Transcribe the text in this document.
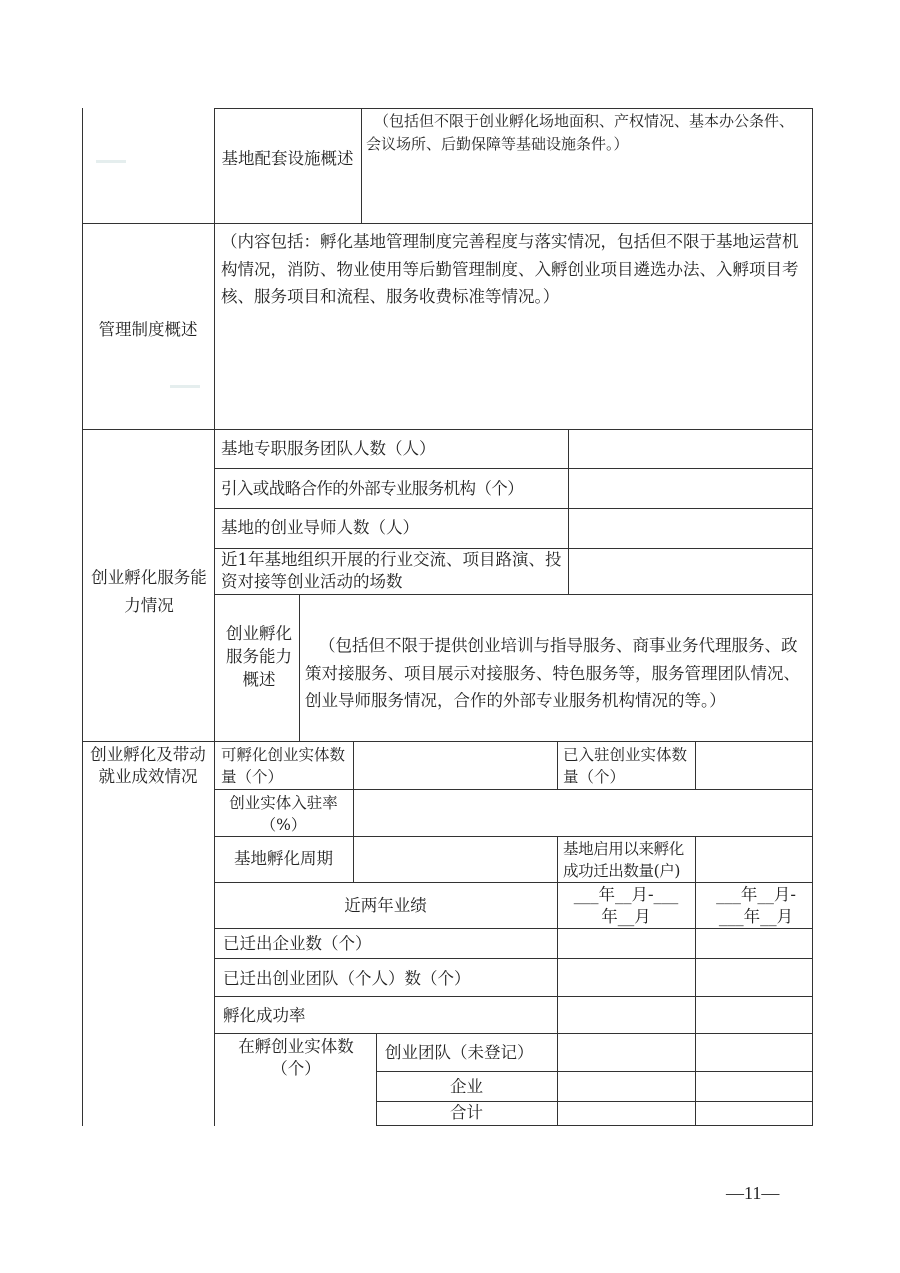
基地配套设施概述
（包括但不限于创业孵化场地面积、产权情况、基本办公条件、会议场所、后勤保障等基础设施条件。）
管理制度概述
（内容包括：孵化基地管理制度完善程度与落实情况，包括但不限于基地运营机构情况，消防、物业使用等后勤管理制度、入孵创业项目遴选办法、入孵项目考核、服务项目和流程、服务收费标准等情况。）
创业孵化服务能力情况
基地专职服务团队人数（人）
引入或战略合作的外部专业服务机构（个）
基地的创业导师人数（人）
近1年基地组织开展的行业交流、项目路演、投资对接等创业活动的场数
创业孵化服务能力概述
（包括但不限于提供创业培训与指导服务、商事业务代理服务、政策对接服务、项目展示对接服务、特色服务等，服务管理团队情况、创业导师服务情况，合作的外部专业服务机构情况的等。）
创业孵化及带动就业成效情况
可孵化创业实体数量（个）
已入驻创业实体数量（个）
创业实体入驻率（%）
基地孵化周期	基地启用以来孵化成功迁出数量(户)
近两年业绩
___年__月-___年__月
___年__月-___年__月
已迁出企业数（个）
已迁出创业团队（个人）数（个）
孵化成功率
在孵创业实体数（个）
创业团队（未登记）
企业
合计
—11—
